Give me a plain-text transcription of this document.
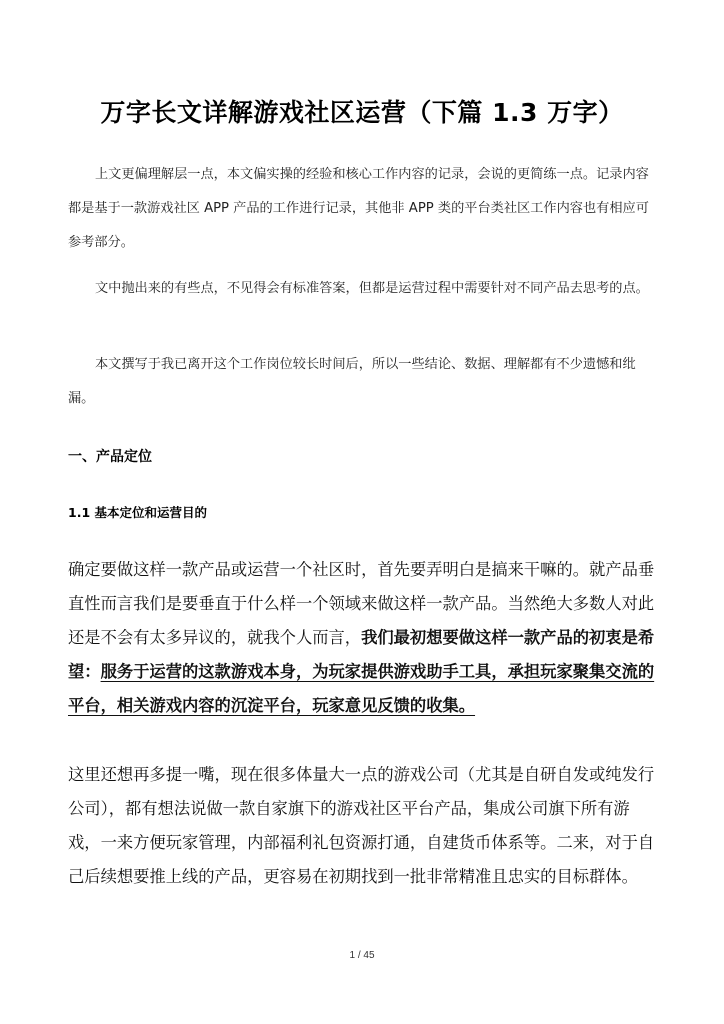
万字长文详解游戏社区运营（下篇 1.3 万字）

上文更偏理解层一点，本文偏实操的经验和核心工作内容的记录，会说的更简练一点。记录内容都是基于一款游戏社区 APP 产品的工作进行记录，其他非 APP 类的平台类社区工作内容也有相应可参考部分。

文中抛出来的有些点，不见得会有标准答案，但都是运营过程中需要针对不同产品去思考的点。

本文撰写于我已离开这个工作岗位较长时间后，所以一些结论、数据、理解都有不少遗憾和纰漏。

一、产品定位
1.1 基本定位和运营目的

确定要做这样一款产品或运营一个社区时，首先要弄明白是搞来干嘛的。就产品垂直性而言我们是要垂直于什么样一个领域来做这样一款产品。当然绝大多数人对此还是不会有太多异议的，就我个人而言，我们最初想要做这样一款产品的初衷是希望：服务于运营的这款游戏本身，为玩家提供游戏助手工具，承担玩家聚集交流的平台，相关游戏内容的沉淀平台，玩家意见反馈的收集。

这里还想再多提一嘴，现在很多体量大一点的游戏公司（尤其是自研自发或纯发行公司），都有想法说做一款自家旗下的游戏社区平台产品，集成公司旗下所有游戏，一来方便玩家管理，内部福利礼包资源打通，自建货币体系等。二来，对于自己后续想要推上线的产品，更容易在初期找到一批非常精准且忠实的目标群体。

1 / 45
